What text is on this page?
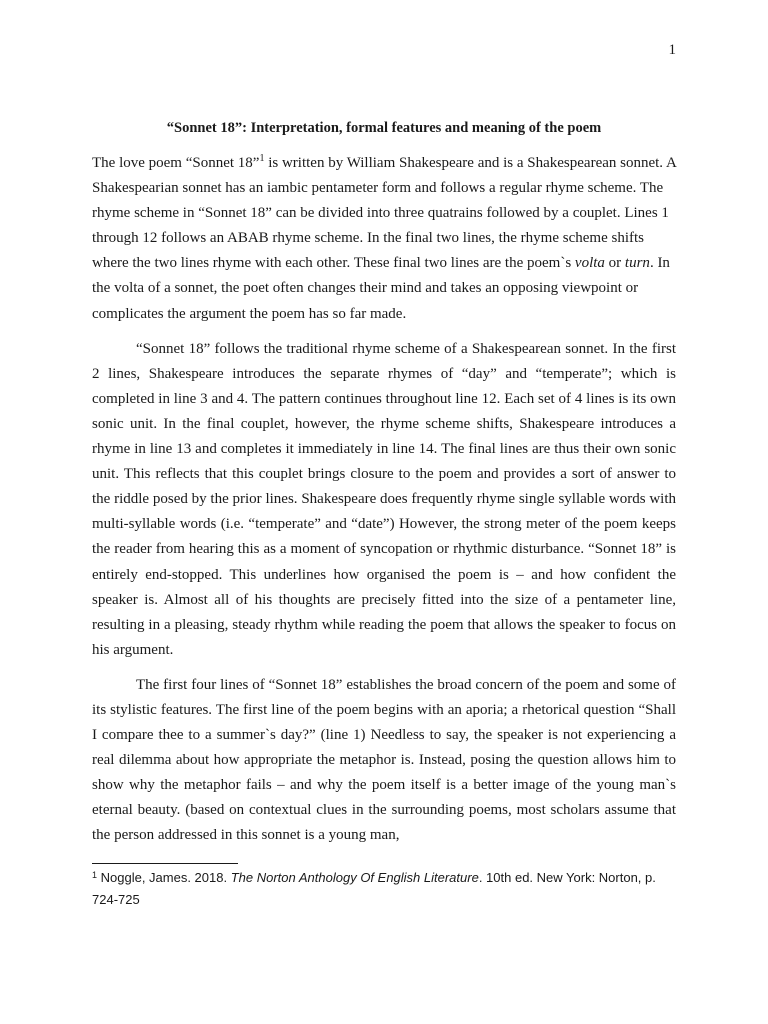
1
“Sonnet 18”: Interpretation, formal features and meaning of the poem

The love poem “Sonnet 18”$^1$ is written by William Shakespeare and is a Shakespearean sonnet. A Shakespearian sonnet has an iambic pentameter form and follows a regular rhyme scheme. The rhyme scheme in “Sonnet 18” can be divided into three quatrains followed by a couplet. Lines 1 through 12 follows an ABAB rhyme scheme. In the final two lines, the rhyme scheme shifts where the two lines rhyme with each other. These final two lines are the poem`s volta or turn. In the volta of a sonnet, the poet often changes their mind and takes an opposing viewpoint or complicates the argument the poem has so far made.

“Sonnet 18” follows the traditional rhyme scheme of a Shakespearean sonnet. In the first 2 lines, Shakespeare introduces the separate rhymes of “day” and “temperate”; which is completed in line 3 and 4. The pattern continues throughout line 12. Each set of 4 lines is its own sonic unit. In the final couplet, however, the rhyme scheme shifts, Shakespeare introduces a rhyme in line 13 and completes it immediately in line 14. The final lines are thus their own sonic unit. This reflects that this couplet brings closure to the poem and provides a sort of answer to the riddle posed by the prior lines. Shakespeare does frequently rhyme single syllable words with multi-syllable words (i.e. “temperate” and “date”) However, the strong meter of the poem keeps the reader from hearing this as a moment of syncopation or rhythmic disturbance. “Sonnet 18” is entirely end-stopped. This underlines how organised the poem is – and how confident the speaker is. Almost all of his thoughts are precisely fitted into the size of a pentameter line, resulting in a pleasing, steady rhythm while reading the poem that allows the speaker to focus on his argument.

The first four lines of “Sonnet 18” establishes the broad concern of the poem and some of its stylistic features. The first line of the poem begins with an aporia; a rhetorical question “Shall I compare thee to a summer`s day?” (line 1) Needless to say, the speaker is not experiencing a real dilemma about how appropriate the metaphor is. Instead, posing the question allows him to show why the metaphor fails – and why the poem itself is a better image of the young man`s eternal beauty. (based on contextual clues in the surrounding poems, most scholars assume that the person addressed in this sonnet is a young man,

$^1$ Noggle, James. 2018. The Norton Anthology Of English Literature. 10th ed. New York: Norton, p. 724-725
